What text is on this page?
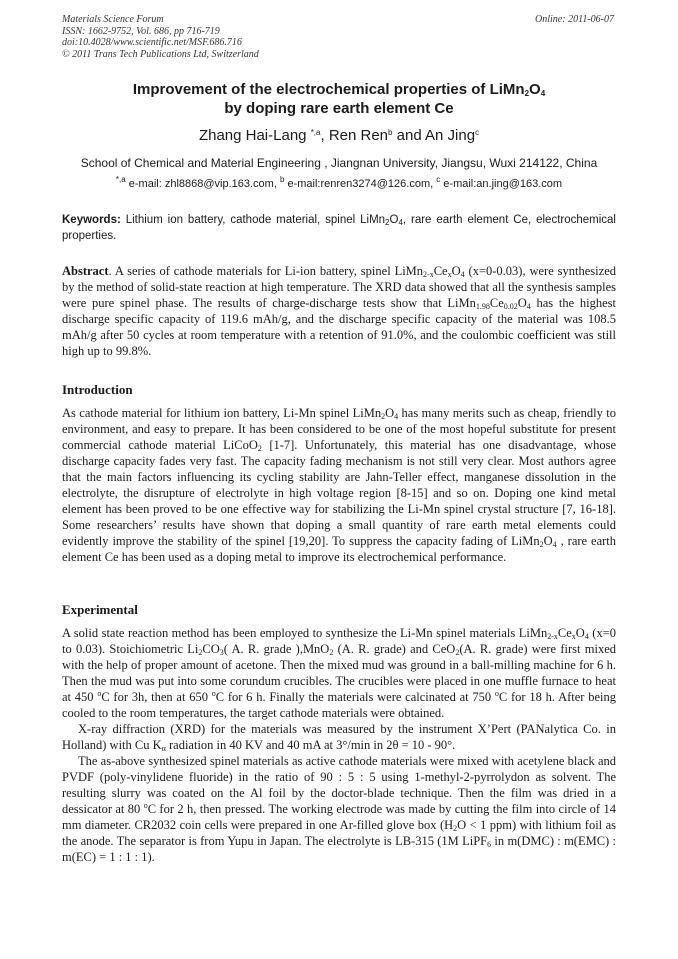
Materials Science Forum
ISSN: 1662-9752, Vol. 686, pp 716-719
doi:10.4028/www.scientific.net/MSF.686.716
© 2011 Trans Tech Publications Ltd, Switzerland
Online: 2011-06-07
Improvement of the electrochemical properties of $LiMn_2O_4$
by doping rare earth element Ce
Zhang Hai-Lang $^{*,a}$, Ren Ren$^b$ and An Jing$^c$
School of Chemical and Material Engineering , Jiangnan University, Jiangsu, Wuxi 214122, China
$^{*,a}$ e-mail: zhl8868@vip.163.com, $^b$ e-mail:renren3274@126.com, $^c$ e-mail:an.jing@163.com
Keywords: Lithium ion battery, cathode material, spinel $LiMn_2O_4$, rare earth element Ce, electrochemical properties.
Abstract. A series of cathode materials for Li-ion battery, spinel $LiMn_{2-x}Ce_xO_4$ (x=0-0.03), were synthesized by the method of solid-state reaction at high temperature. The XRD data showed that all the synthesis samples were pure spinel phase. The results of charge-discharge tests show that $LiMn_{1.98}Ce_{0.02}O_4$ has the highest discharge specific capacity of 119.6 mAh/g, and the discharge specific capacity of the material was 108.5 mAh/g after 50 cycles at room temperature with a retention of 91.0%, and the coulombic coefficient was still high up to 99.8%.
Introduction
As cathode material for lithium ion battery, Li-Mn spinel $LiMn_2O_4$ has many merits such as cheap, friendly to environment, and easy to prepare. It has been considered to be one of the most hopeful substitute for present commercial cathode material LiCoO$_2$ [1-7]. Unfortunately, this material has one disadvantage, whose discharge capacity fades very fast. The capacity fading mechanism is not still very clear. Most authors agree that the main factors influencing its cycling stability are Jahn-Teller effect, manganese dissolution in the electrolyte, the disrupture of electrolyte in high voltage region [8-15] and so on. Doping one kind metal element has been proved to be one effective way for stabilizing the Li-Mn spinel crystal structure [7, 16-18]. Some researchers’ results have shown that doping a small quantity of rare earth metal elements could evidently improve the stability of the spinel [19,20]. To suppress the capacity fading of $LiMn_2O_4$ , rare earth element Ce has been used as a doping metal to improve its electrochemical performance.
Experimental

A solid state reaction method has been employed to synthesize the Li-Mn spinel materials $LiMn_{2-x}Ce_xO_4$ (x=0 to 0.03). Stoichiometric $Li_2CO_3$( A. R. grade ),MnO$_2$ (A. R. grade) and CeO$_2$(A. R. grade) were first mixed with the help of proper amount of acetone. Then the mixed mud was ground in a ball-milling machine for 6 h. Then the mud was put into some corundum crucibles. The crucibles were placed in one muffle furnace to heat at 450 $^o$C for 3h, then at 650 $^o$C for 6 h. Finally the materials were calcinated at 750 $^o$C for 18 h. After being cooled to the room temperatures, the target cathode materials were obtained.

X-ray diffraction (XRD) for the materials was measured by the instrument X’Pert (PANalytica Co. in Holland) with Cu $K_\alpha$ radiation in 40 KV and 40 mA at 3°/min in 2θ = 10 - 90°.

The as-above synthesized spinel materials as active cathode materials were mixed with acetylene black and PVDF (poly-vinylidene fluoride) in the ratio of 90 : 5 : 5 using 1-methyl-2-pyrrolydon as solvent. The resulting slurry was coated on the Al foil by the doctor-blade technique. Then the film was dried in a dessicator at 80 $^o$C for 2 h, then pressed. The working electrode was made by cutting the film into circle of 14 mm diameter. CR2032 coin cells were prepared in one Ar-filled glove box ($H_2O < 1$ ppm) with lithium foil as the anode. The separator is from Yupu in Japan. The electrolyte is LB-315 (1M LiPF$_6$ in m(DMC) : m(EMC) : m(EC) = 1 : 1 : 1).
